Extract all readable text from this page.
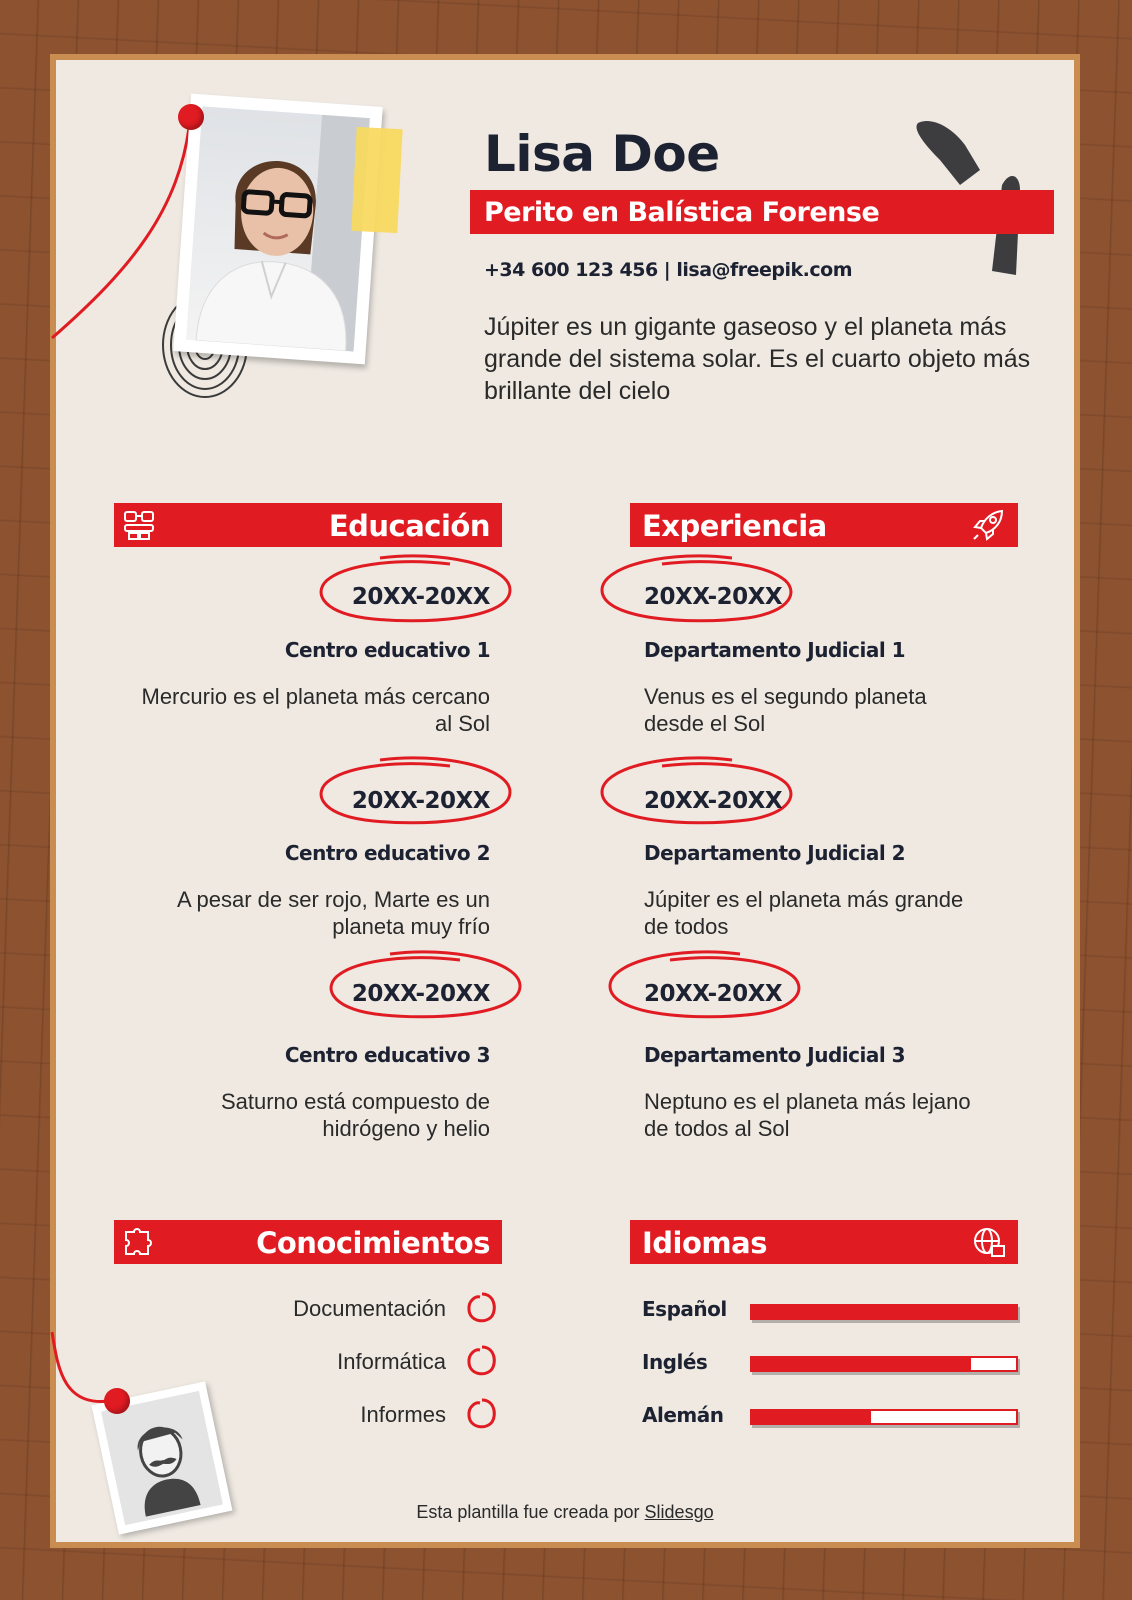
Lisa Doe
Perito en Balística Forense
+34 600 123 456 | lisa@freepik.com
Júpiter es un gigante gaseoso y el planeta más grande del sistema solar. Es el cuarto objeto más brillante del cielo
Educación	Experiencia
20XX-20XX
Centro educativo 1
Mercurio es el planeta más cercano al Sol
20XX-20XX
Centro educativo 2
A pesar de ser rojo, Marte es un planeta muy frío
20XX-20XX
Centro educativo 3
Saturno está compuesto de hidrógeno y helio
20XX-20XX
Departamento Judicial 1
Venus es el segundo planeta desde el Sol
20XX-20XX
Departamento Judicial 2
Júpiter es el planeta más grande de todos
20XX-20XX
Departamento Judicial 3
Neptuno es el planeta más lejano de todos al Sol
Conocimientos	Idiomas
Documentación
Informática
Informes
Español
Inglés
Alemán
Esta plantilla fue creada por Slidesgo
